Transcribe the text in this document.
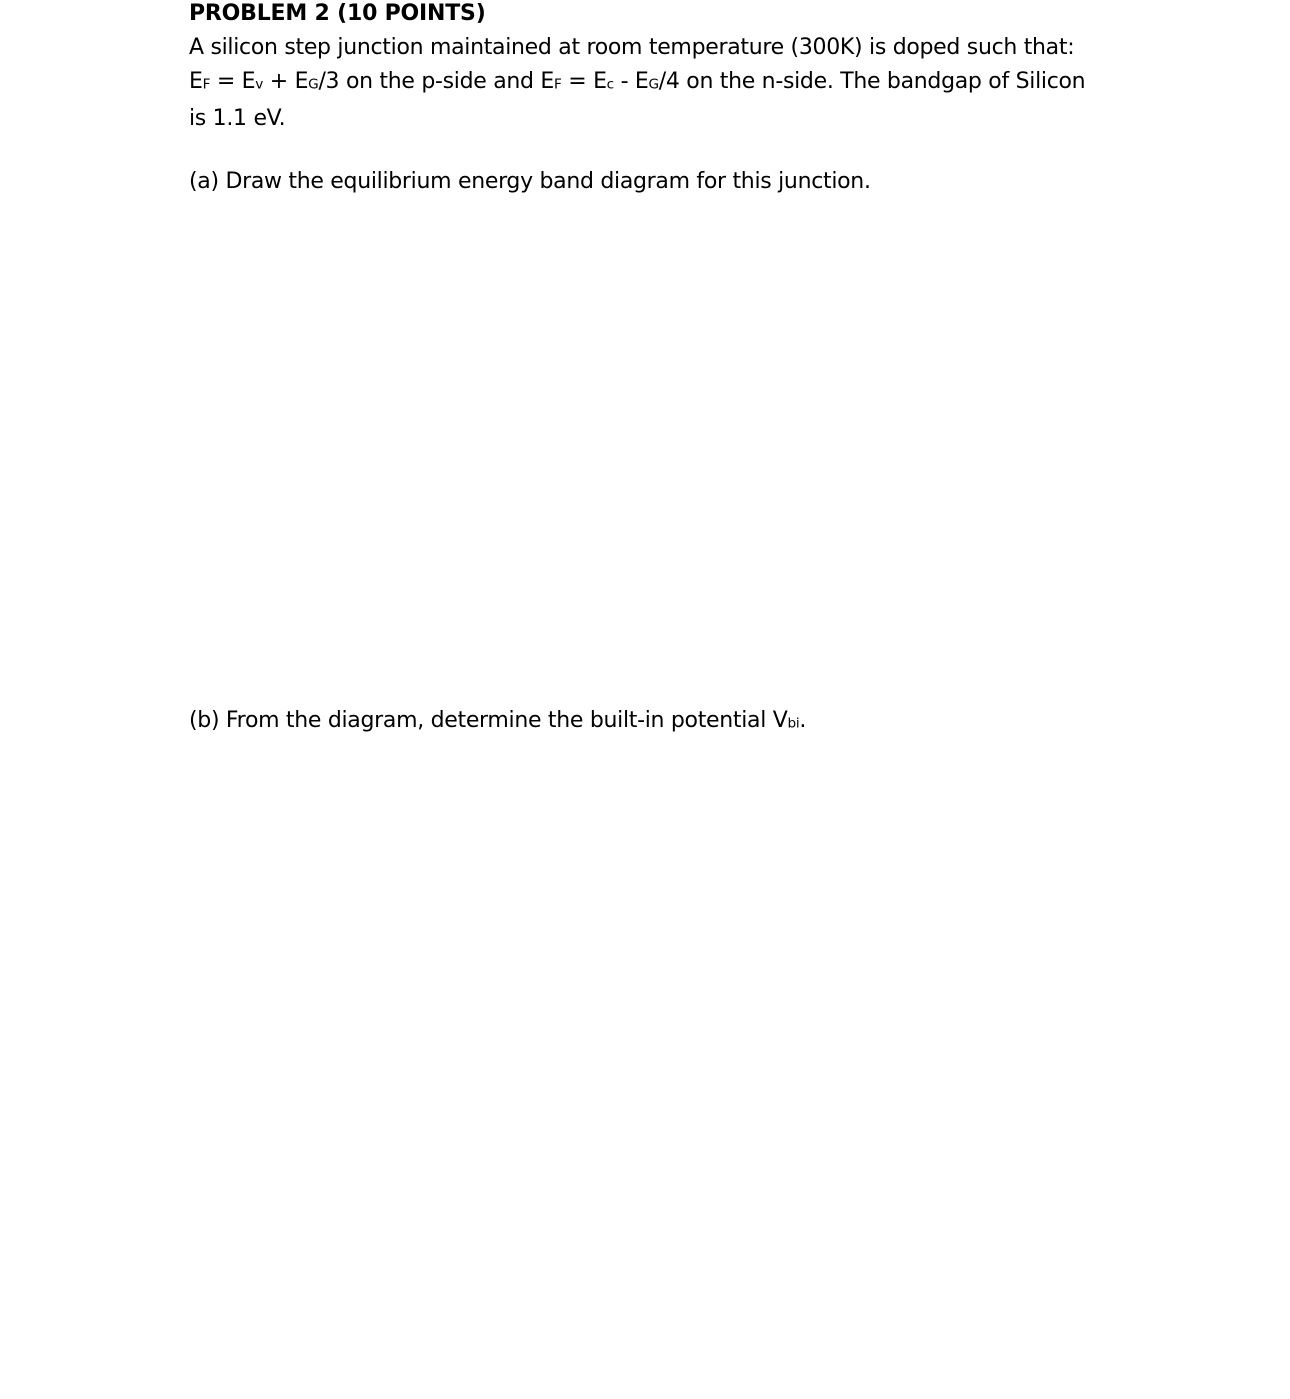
PROBLEM 2 (10 POINTS)
A silicon step junction maintained at room temperature (300K) is doped such that:
EF = Ev + EG/3 on the p-side and EF = Ec - EG/4 on the n-side. The bandgap of Silicon
is 1.1 eV.
(a) Draw the equilibrium energy band diagram for this junction.
(b) From the diagram, determine the built-in potential Vbi.
